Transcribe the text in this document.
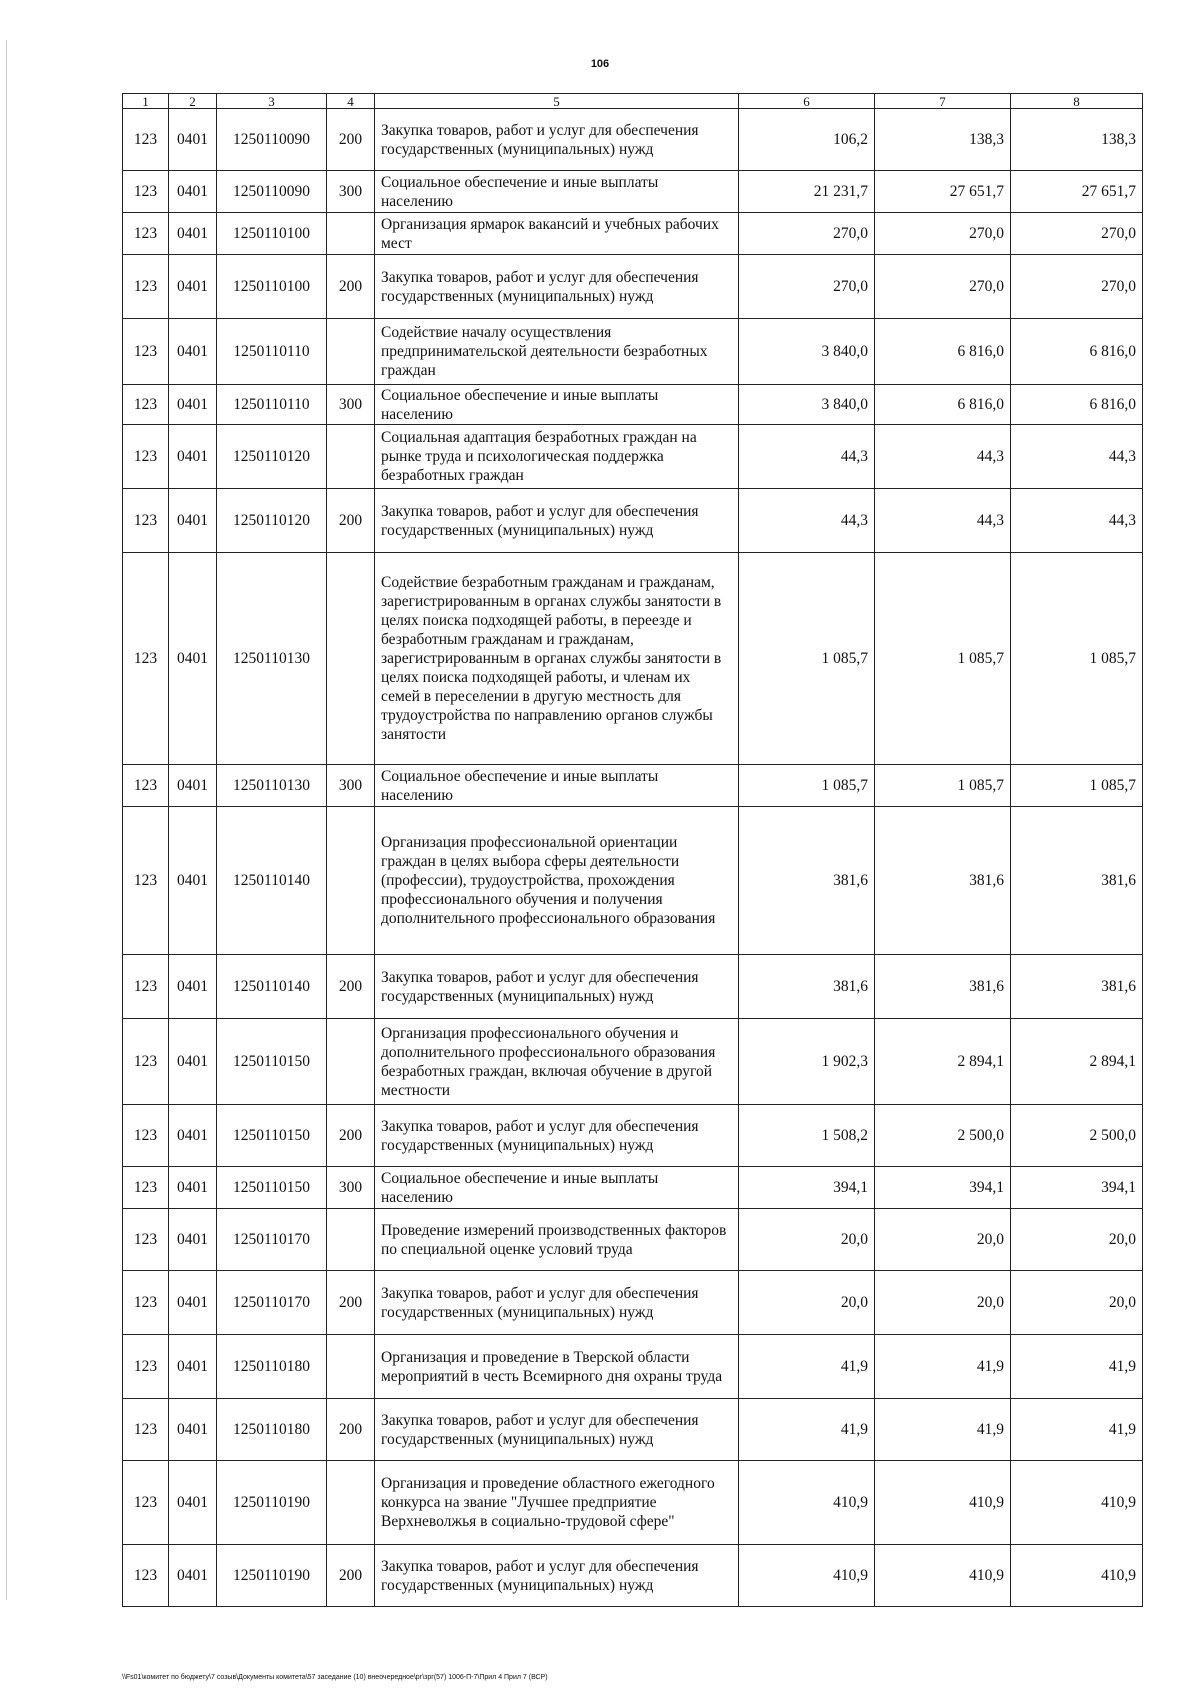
106
1	2	3	4	5	6	7	8
123	0401	1250110090	200	Закупка товаров, работ и услуг для обеспечения государственных (муниципальных) нужд	106,2	138,3	138,3
123	0401	1250110090	300	Социальное обеспечение и иные выплаты населению	21 231,7	27 651,7	27 651,7
123	0401	1250110100		Организация ярмарок вакансий и учебных рабочих мест	270,0	270,0	270,0
123	0401	1250110100	200	Закупка товаров, работ и услуг для обеспечения государственных (муниципальных) нужд	270,0	270,0	270,0
123	0401	1250110110		Содействие началу осуществления предпринимательской деятельности безработных граждан	3 840,0	6 816,0	6 816,0
123	0401	1250110110	300	Социальное обеспечение и иные выплаты населению	3 840,0	6 816,0	6 816,0
123	0401	1250110120		Социальная адаптация безработных граждан на рынке труда и психологическая поддержка безработных граждан	44,3	44,3	44,3
123	0401	1250110120	200	Закупка товаров, работ и услуг для обеспечения государственных (муниципальных) нужд	44,3	44,3	44,3
123	0401	1250110130		Содействие безработным гражданам и гражданам, зарегистрированным в органах службы занятости в целях поиска подходящей работы, в переезде и безработным гражданам и гражданам, зарегистрированным в органах службы занятости в целях поиска подходящей работы, и членам их семей в переселении в другую местность для трудоустройства по направлению органов службы занятости	1 085,7	1 085,7	1 085,7
123	0401	1250110130	300	Социальное обеспечение и иные выплаты населению	1 085,7	1 085,7	1 085,7
123	0401	1250110140		Организация профессиональной ориентации граждан в целях выбора сферы деятельности (профессии), трудоустройства, прохождения профессионального обучения и получения дополнительного профессионального образования	381,6	381,6	381,6
123	0401	1250110140	200	Закупка товаров, работ и услуг для обеспечения государственных (муниципальных) нужд	381,6	381,6	381,6
123	0401	1250110150		Организация профессионального обучения и дополнительного профессионального образования безработных граждан, включая обучение в другой местности	1 902,3	2 894,1	2 894,1
123	0401	1250110150	200	Закупка товаров, работ и услуг для обеспечения государственных (муниципальных) нужд	1 508,2	2 500,0	2 500,0
123	0401	1250110150	300	Социальное обеспечение и иные выплаты населению	394,1	394,1	394,1
123	0401	1250110170		Проведение измерений производственных факторов по специальной оценке условий труда	20,0	20,0	20,0
123	0401	1250110170	200	Закупка товаров, работ и услуг для обеспечения государственных (муниципальных) нужд	20,0	20,0	20,0
123	0401	1250110180		Организация и проведение в Тверской области мероприятий в честь Всемирного дня охраны труда	41,9	41,9	41,9
123	0401	1250110180	200	Закупка товаров, работ и услуг для обеспечения государственных (муниципальных) нужд	41,9	41,9	41,9
123	0401	1250110190		Организация и проведение областного ежегодного конкурса на звание "Лучшее предприятие Верхневолжья в социально-трудовой сфере"	410,9	410,9	410,9
123	0401	1250110190	200	Закупка товаров, работ и услуг для обеспечения государственных (муниципальных) нужд	410,9	410,9	410,9
\\Fs01\комитет по бюджету\7 созыв\Документы комитета\57 заседание (10) внеочередное\рг\зрг(57) 1006-П-7\Прил 4 Прил 7 (ВСР)
